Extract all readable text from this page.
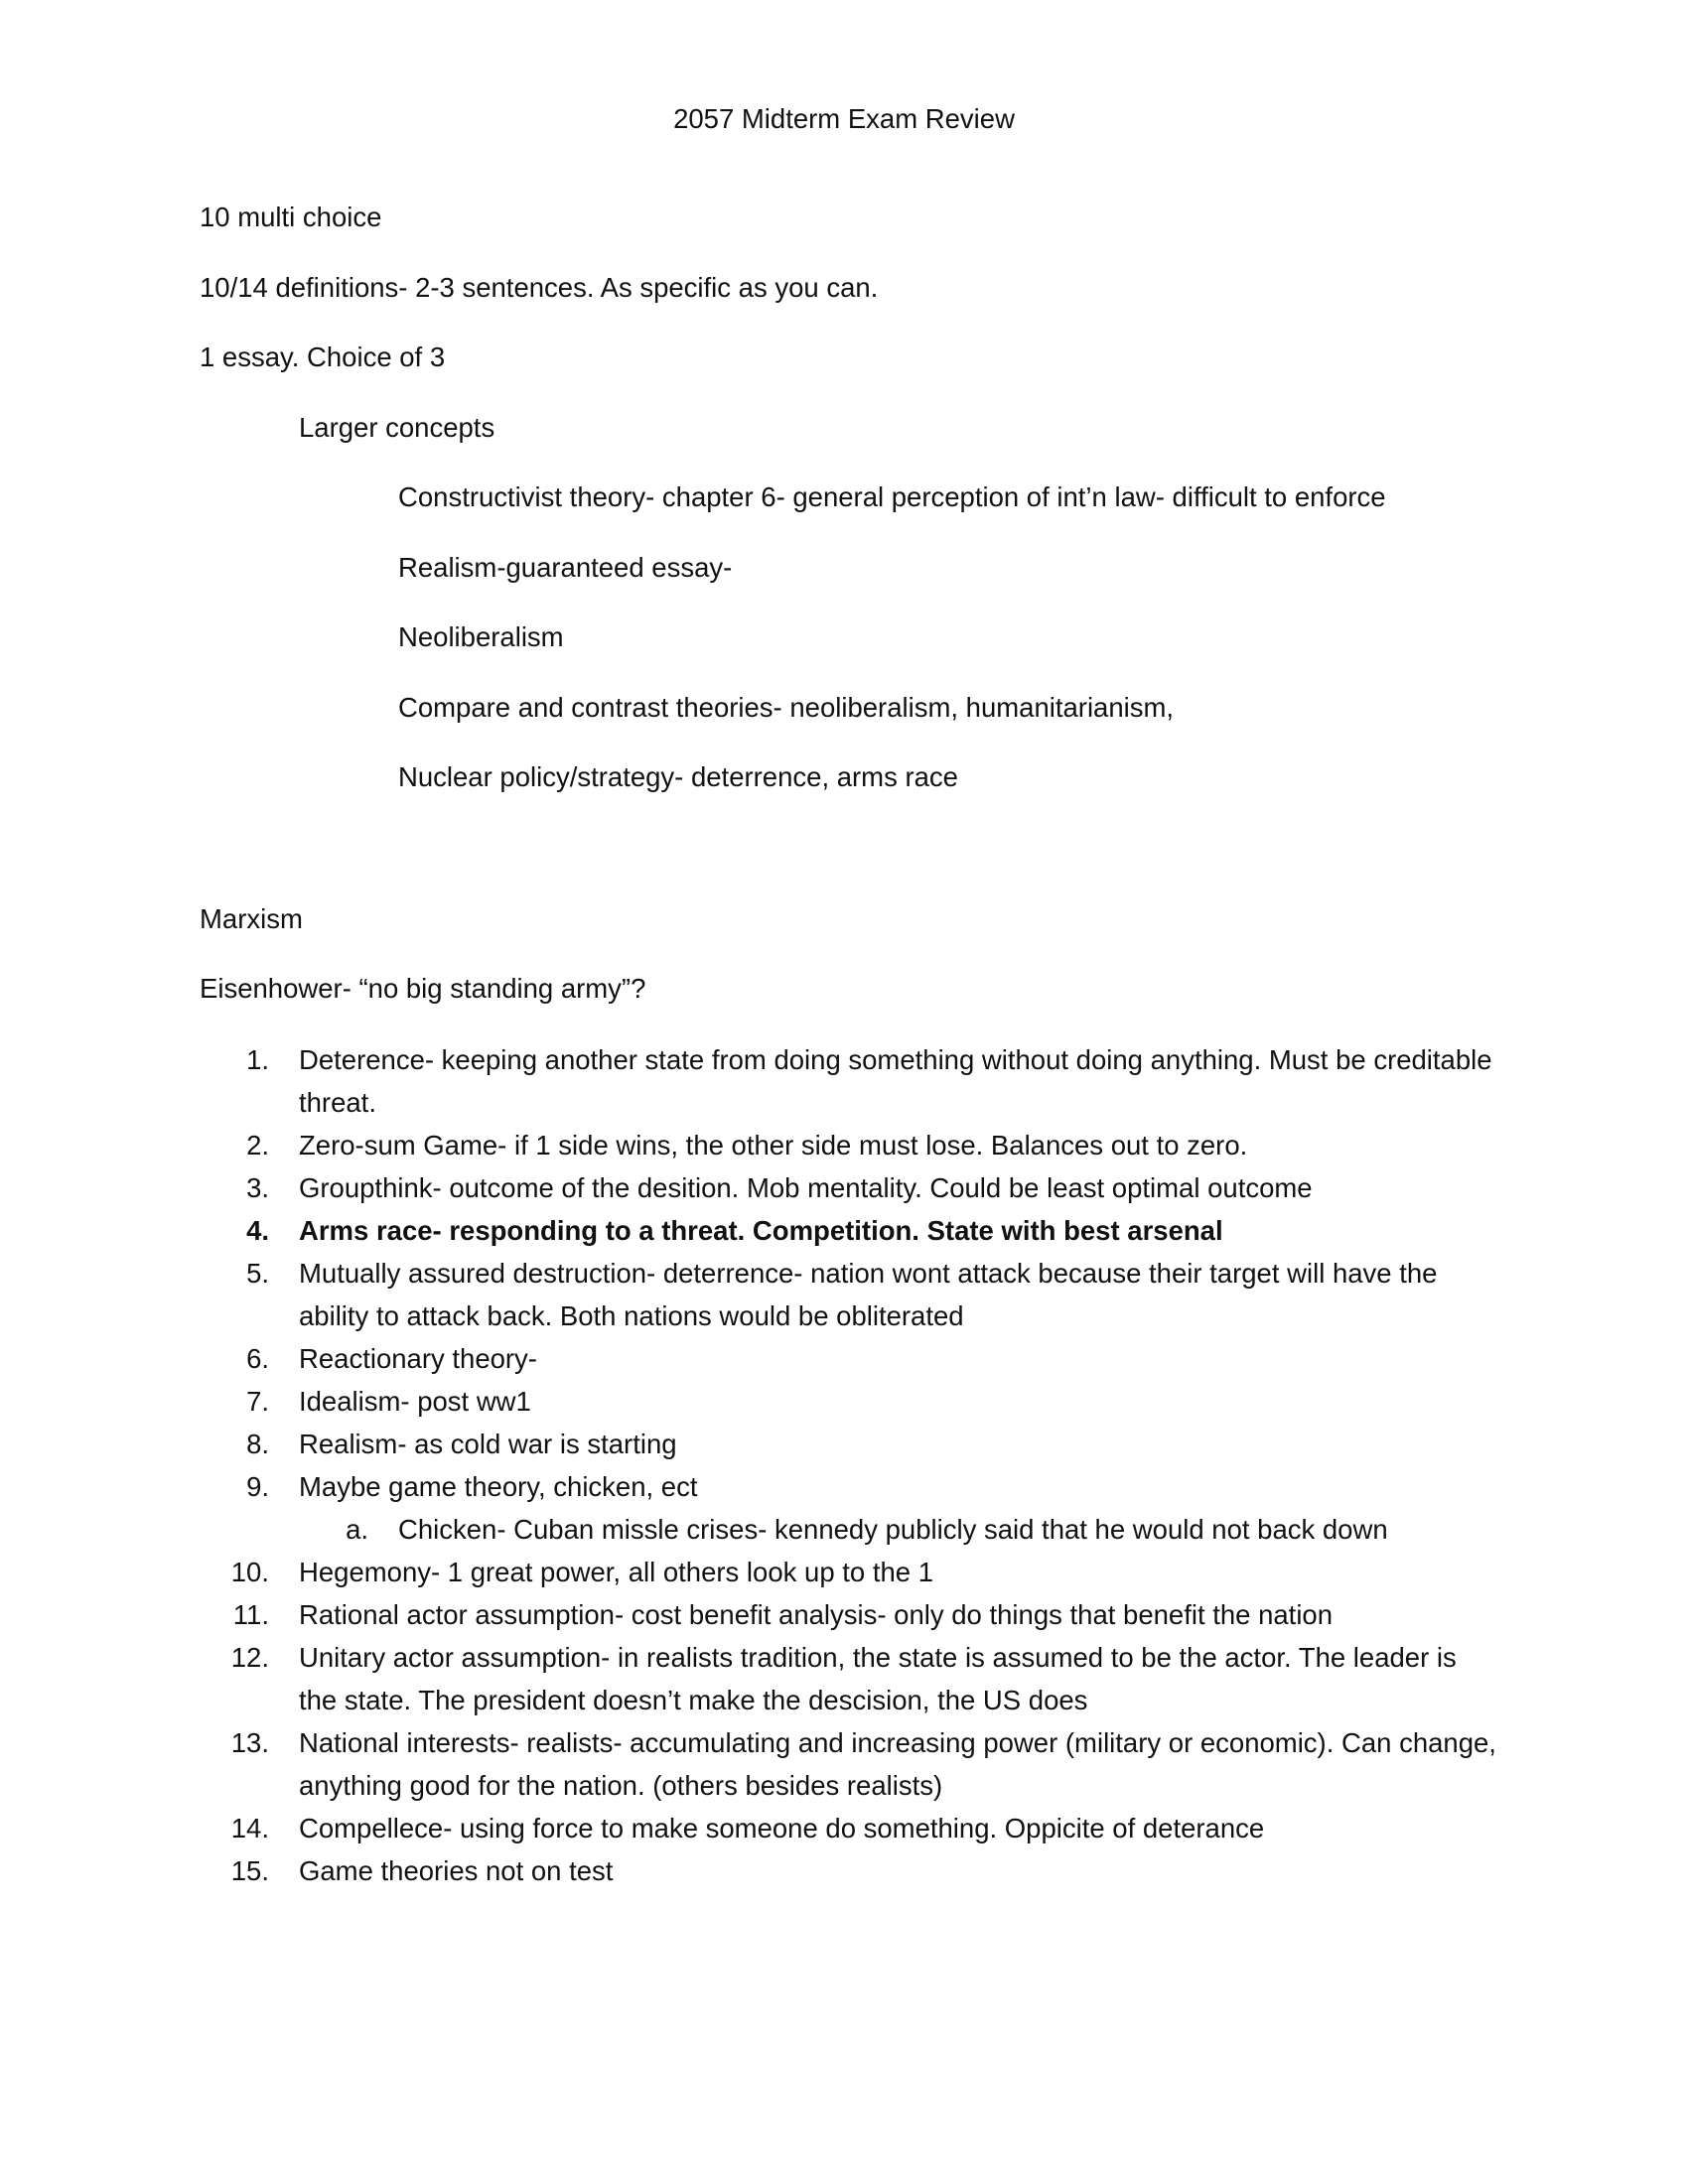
2057 Midterm Exam Review
10 multi choice
10/14 definitions- 2-3 sentences. As specific as you can.
1 essay. Choice of 3
Larger concepts
Constructivist theory- chapter 6- general perception of int’n law- difficult to enforce
Realism-guaranteed essay-
Neoliberalism
Compare and contrast theories- neoliberalism, humanitarianism,
Nuclear policy/strategy- deterrence, arms race
Marxism
Eisenhower- “no big standing army”?
1. Deterence- keeping another state from doing something without doing anything. Must be creditable threat.
2. Zero-sum Game- if 1 side wins, the other side must lose. Balances out to zero.
3. Groupthink- outcome of the desition. Mob mentality. Could be least optimal outcome
4. Arms race- responding to a threat. Competition. State with best arsenal
5. Mutually assured destruction- deterrence- nation wont attack because their target will have the ability to attack back. Both nations would be obliterated
6. Reactionary theory-
7. Idealism- post ww1
8. Realism- as cold war is starting
9. Maybe game theory, chicken, ect
a. Chicken- Cuban missle crises- kennedy publicly said that he would not back down
10. Hegemony- 1 great power, all others look up to the 1
11. Rational actor assumption- cost benefit analysis- only do things that benefit the nation
12. Unitary actor assumption- in realists tradition, the state is assumed to be the actor. The leader is the state. The president doesn’t make the descision, the US does
13. National interests- realists- accumulating and increasing power (military or economic). Can change, anything good for the nation. (others besides realists)
14. Compellece- using force to make someone do something. Oppicite of deterance
15. Game theories not on test
